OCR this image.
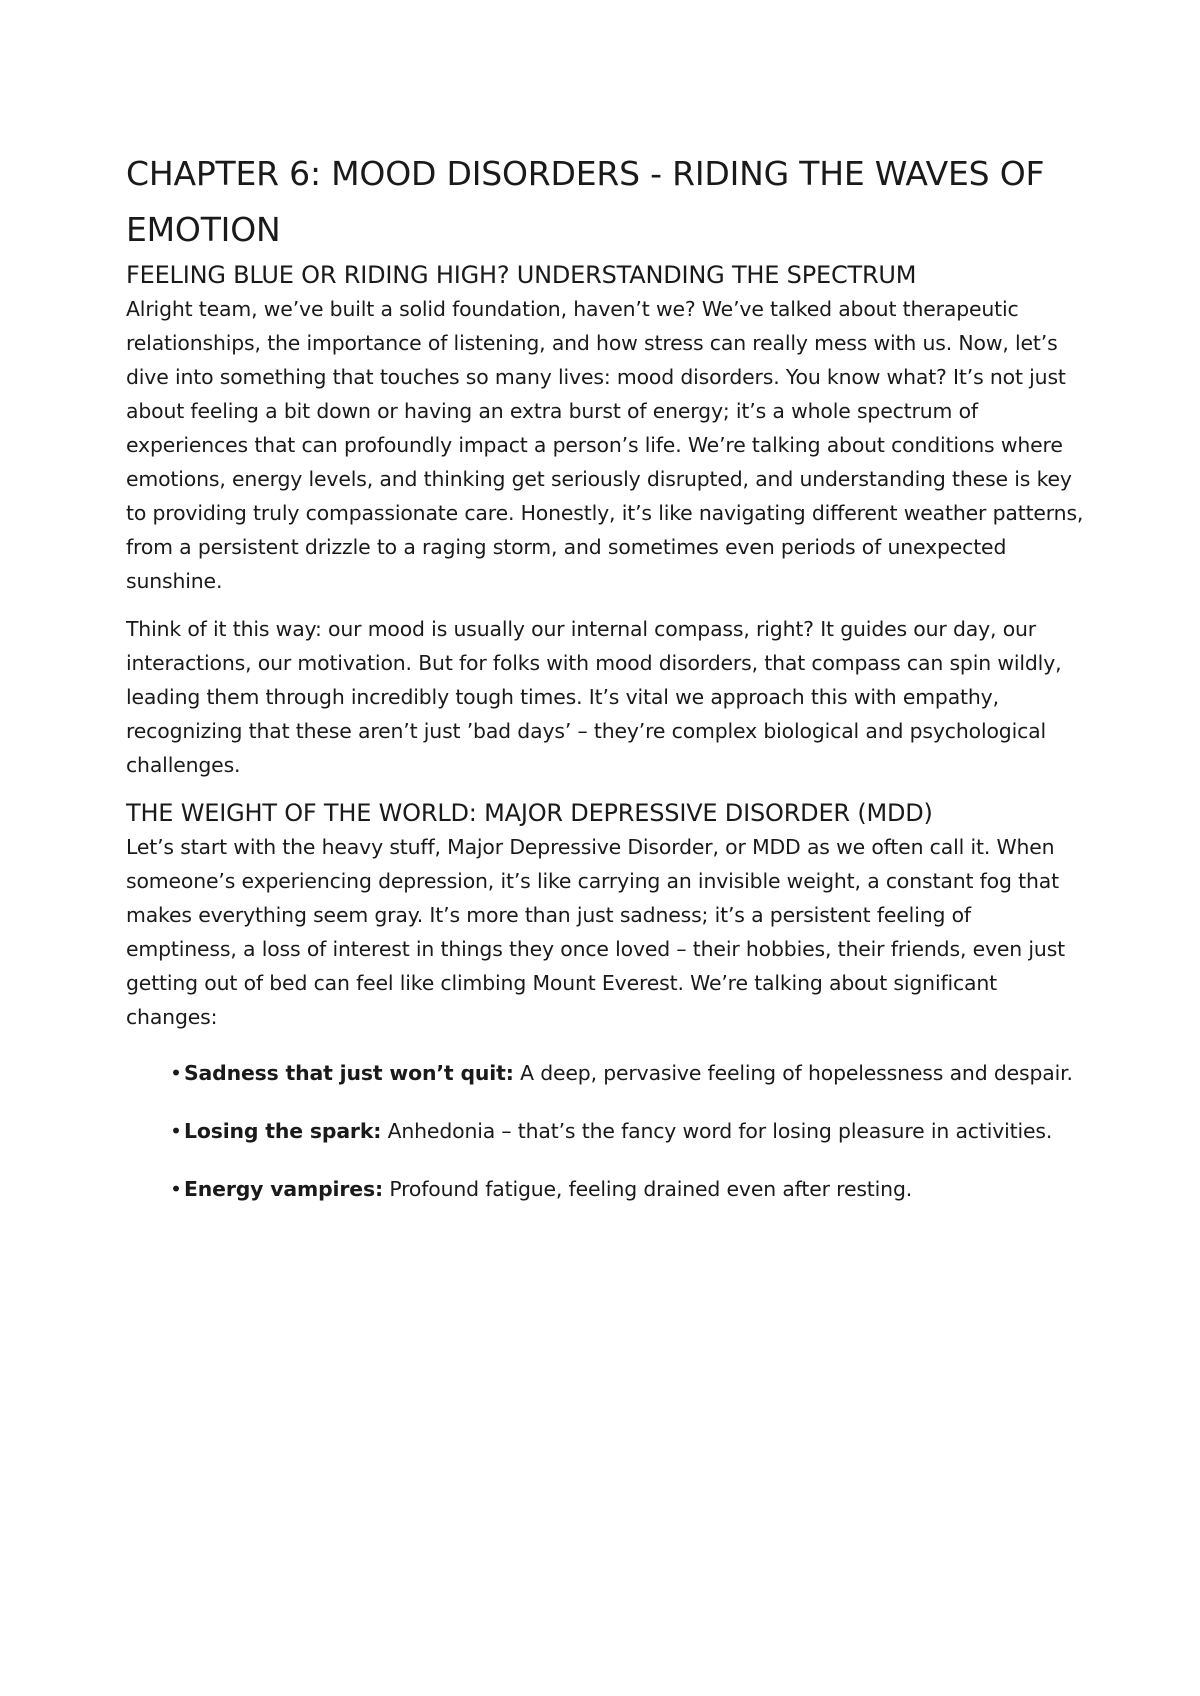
CHAPTER 6: MOOD DISORDERS - RIDING THE WAVES OF EMOTION
FEELING BLUE OR RIDING HIGH? UNDERSTANDING THE SPECTRUM

Alright team, we’ve built a solid foundation, haven’t we? We’ve talked about therapeutic relationships, the importance of listening, and how stress can really mess with us. Now, let’s dive into something that touches so many lives: mood disorders. You know what? It’s not just about feeling a bit down or having an extra burst of energy; it’s a whole spectrum of experiences that can profoundly impact a person’s life. We’re talking about conditions where emotions, energy levels, and thinking get seriously disrupted, and understanding these is key to providing truly compassionate care. Honestly, it’s like navigating different weather patterns, from a persistent drizzle to a raging storm, and sometimes even periods of unexpected sunshine.

Think of it this way: our mood is usually our internal compass, right? It guides our day, our interactions, our motivation. But for folks with mood disorders, that compass can spin wildly, leading them through incredibly tough times. It’s vital we approach this with empathy, recognizing that these aren’t just ’bad days’ – they’re complex biological and psychological challenges.

THE WEIGHT OF THE WORLD: MAJOR DEPRESSIVE DISORDER (MDD)

Let’s start with the heavy stuff, Major Depressive Disorder, or MDD as we often call it. When someone’s experiencing depression, it’s like carrying an invisible weight, a constant fog that makes everything seem gray. It’s more than just sadness; it’s a persistent feeling of emptiness, a loss of interest in things they once loved – their hobbies, their friends, even just getting out of bed can feel like climbing Mount Everest. We’re talking about significant changes:

• Sadness that just won’t quit: A deep, pervasive feeling of hopelessness and despair.
• Losing the spark: Anhedonia – that’s the fancy word for losing pleasure in activities.
• Energy vampires: Profound fatigue, feeling drained even after resting.
